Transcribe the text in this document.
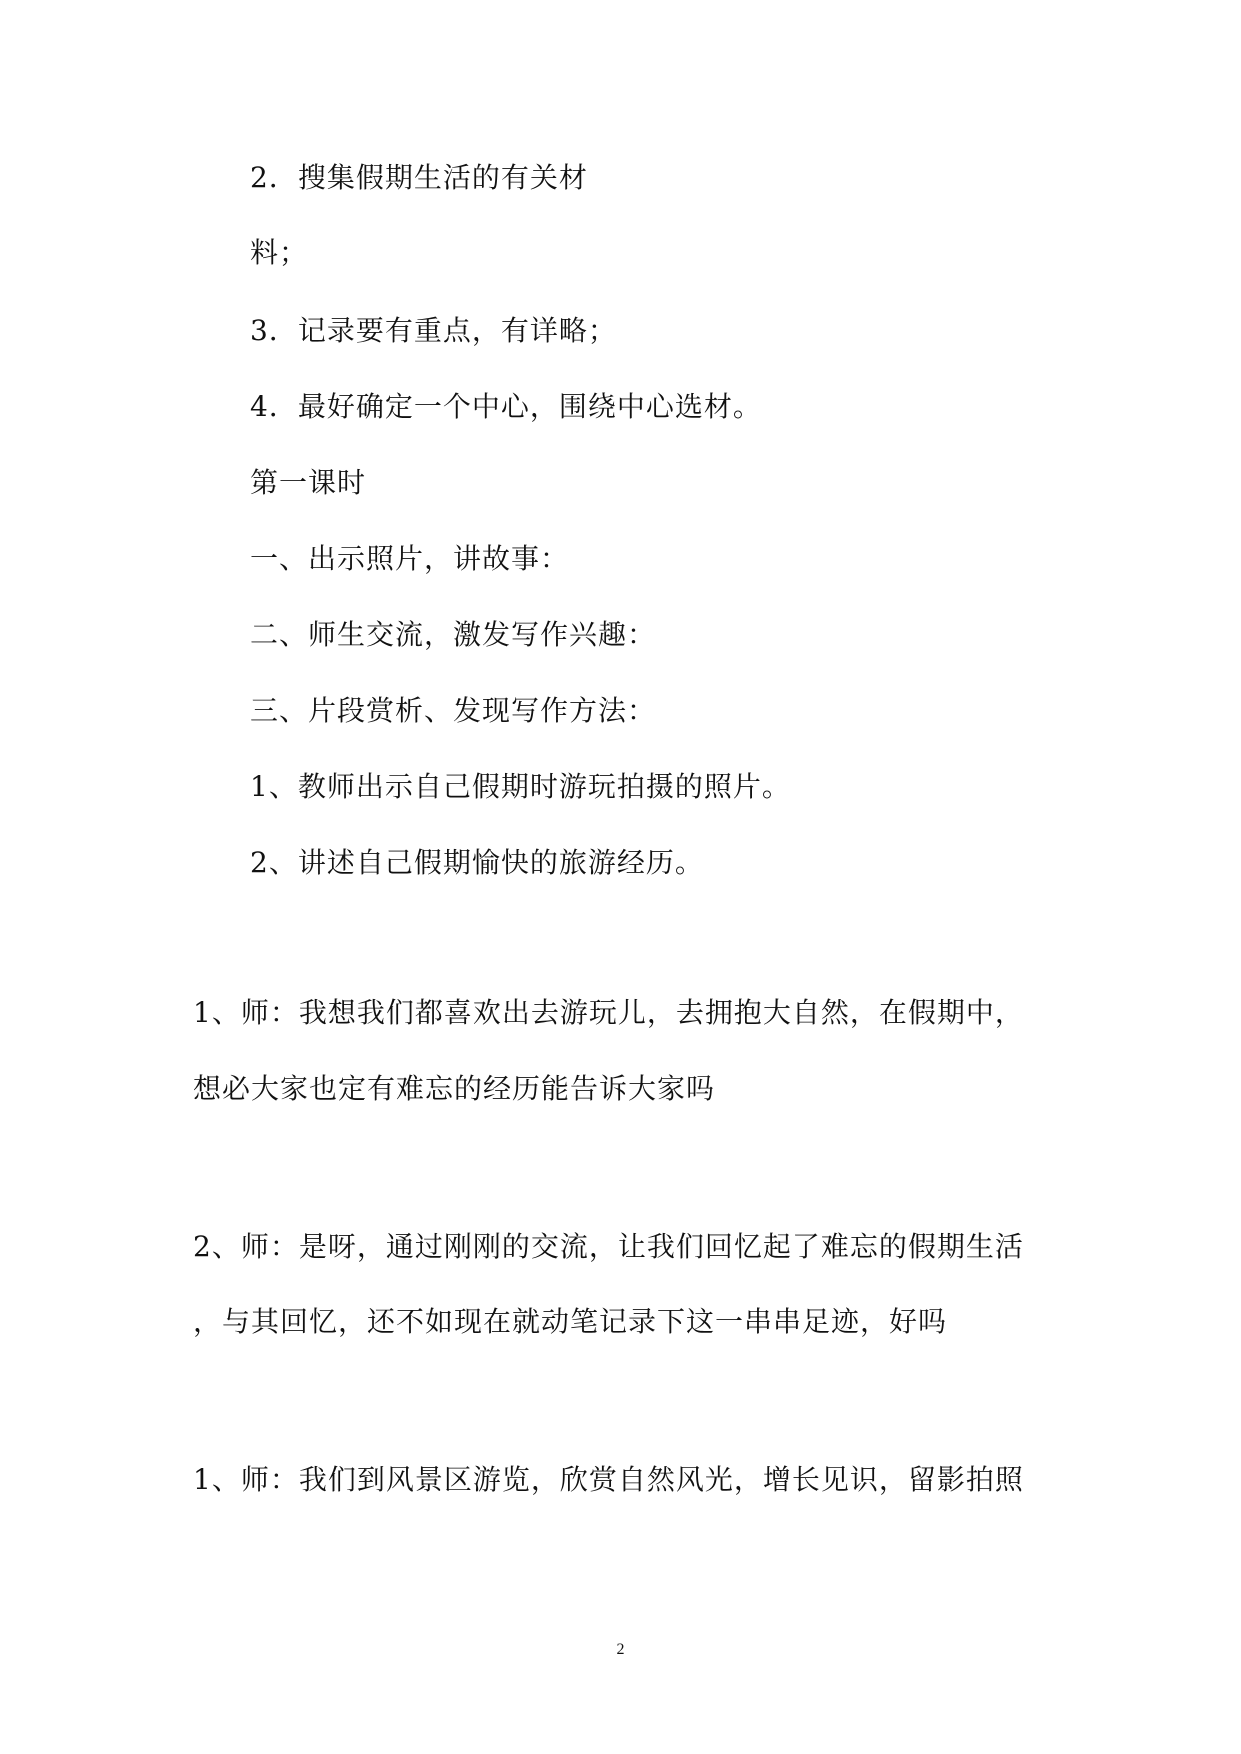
2．搜集假期生活的有关材
料；
3．记录要有重点，有详略；
4．最好确定一个中心，围绕中心选材。
第一课时
一、出示照片，讲故事：
二、师生交流，激发写作兴趣：
三、片段赏析、发现写作方法：
1、教师出示自己假期时游玩拍摄的照片。
2、讲述自己假期愉快的旅游经历。
1、师：我想我们都喜欢出去游玩儿，去拥抱大自然，在假期中，
想必大家也定有难忘的经历能告诉大家吗
2、师：是呀，通过刚刚的交流，让我们回忆起了难忘的假期生活
，与其回忆，还不如现在就动笔记录下这一串串足迹，好吗
1、师：我们到风景区游览，欣赏自然风光，增长见识，留影拍照
2
